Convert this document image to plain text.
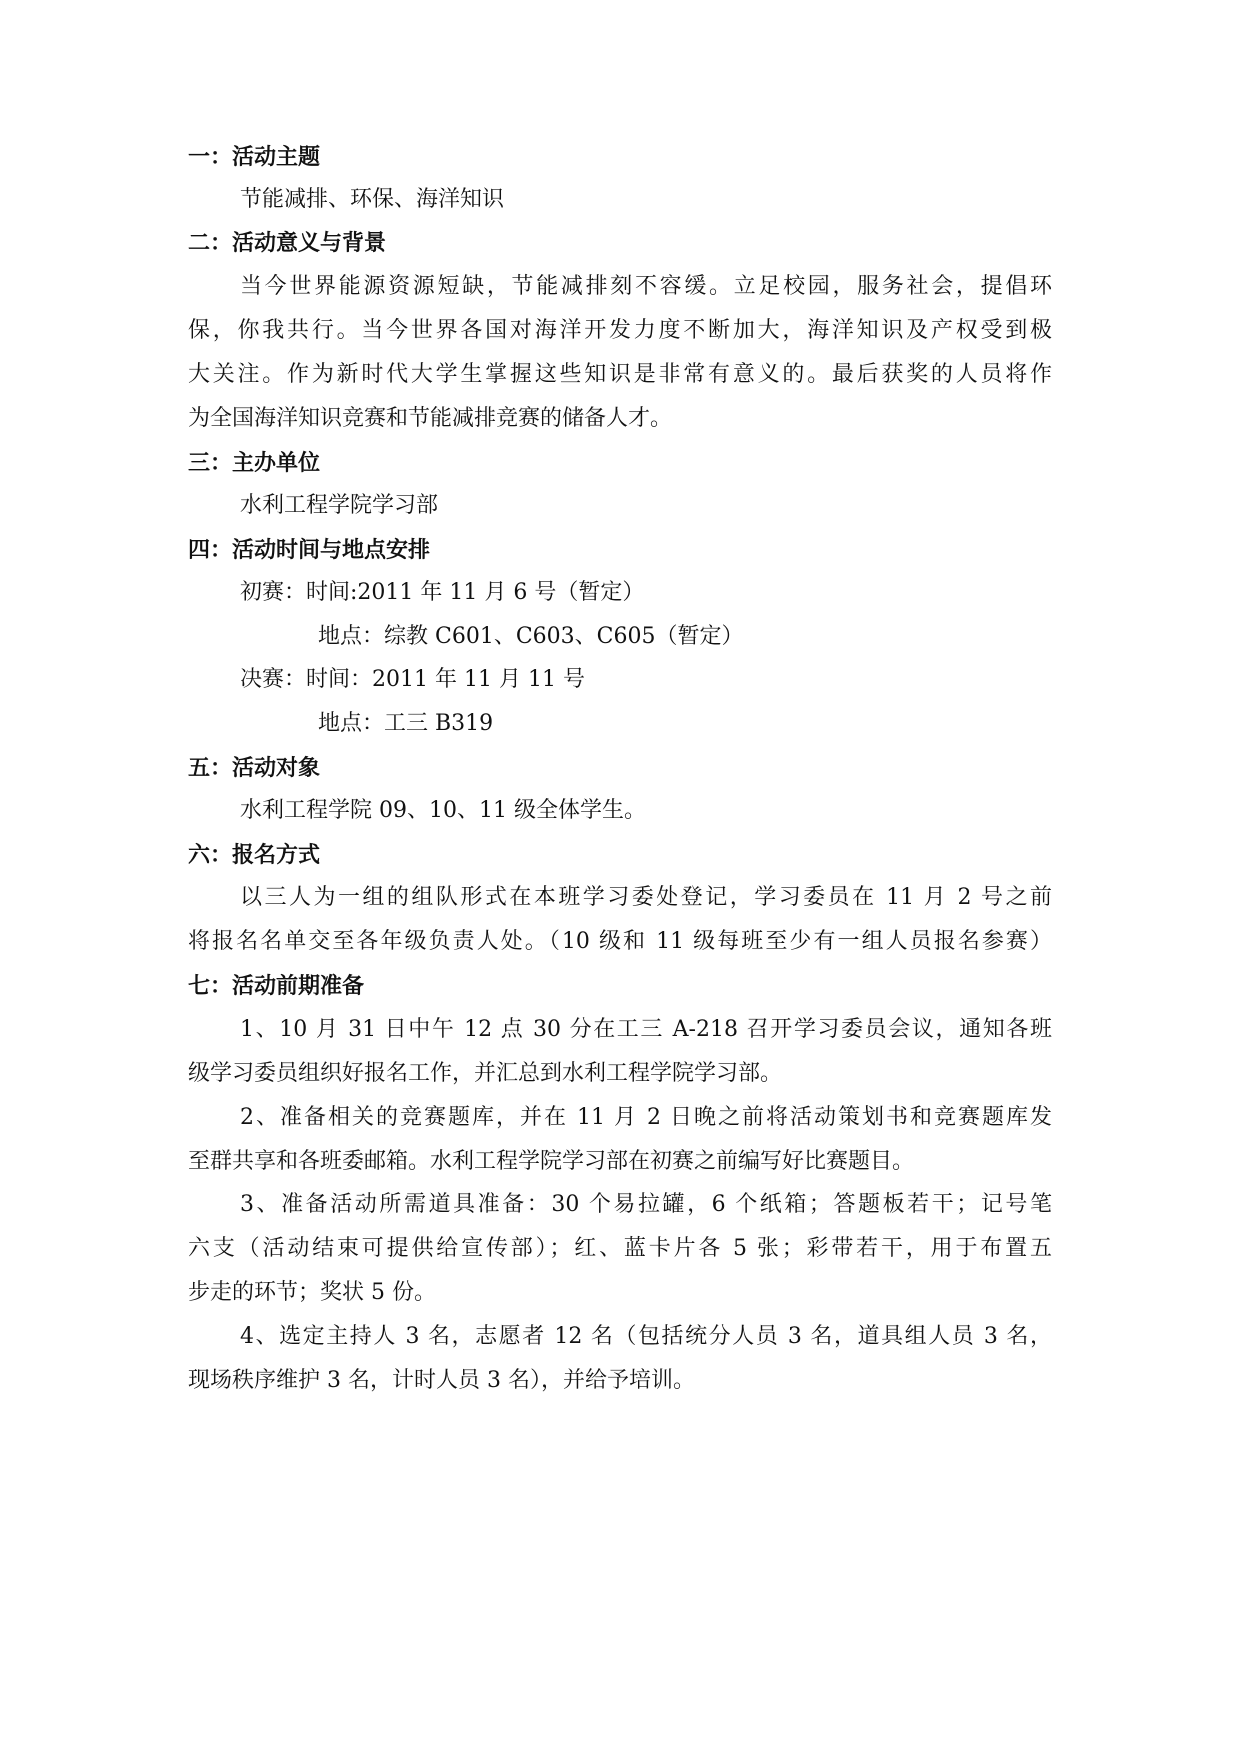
一：活动主题
节能减排、环保、海洋知识
二：活动意义与背景
当今世界能源资源短缺，节能减排刻不容缓。立足校园，服务社会，提倡环
保，你我共行。当今世界各国对海洋开发力度不断加大，海洋知识及产权受到极
大关注。作为新时代大学生掌握这些知识是非常有意义的。最后获奖的人员将作
为全国海洋知识竞赛和节能减排竞赛的储备人才。
三：主办单位
水利工程学院学习部
四：活动时间与地点安排
初赛：时间:2011 年 11 月 6 号（暂定）
地点：综教 C601、C603、C605（暂定）
决赛：时间：2011 年 11 月 11 号
地点：工三 B319
五：活动对象
水利工程学院 09、10、11 级全体学生。
六：报名方式
以三人为一组的组队形式在本班学习委处登记，学习委员在 11 月 2 号之前
将报名名单交至各年级负责人处。（10 级和 11 级每班至少有一组人员报名参赛）
七：活动前期准备
1、10 月 31 日中午 12 点 30 分在工三 A-218 召开学习委员会议，通知各班
级学习委员组织好报名工作，并汇总到水利工程学院学习部。
2、准备相关的竞赛题库，并在 11 月 2 日晚之前将活动策划书和竞赛题库发
至群共享和各班委邮箱。水利工程学院学习部在初赛之前编写好比赛题目。
3、准备活动所需道具准备：30 个易拉罐，6 个纸箱；答题板若干；记号笔
六支（活动结束可提供给宣传部）；红、蓝卡片各 5 张；彩带若干，用于布置五
步走的环节；奖状 5 份。
4、选定主持人 3 名，志愿者 12 名（包括统分人员 3 名，道具组人员 3 名，
现场秩序维护 3 名，计时人员 3 名），并给予培训。
